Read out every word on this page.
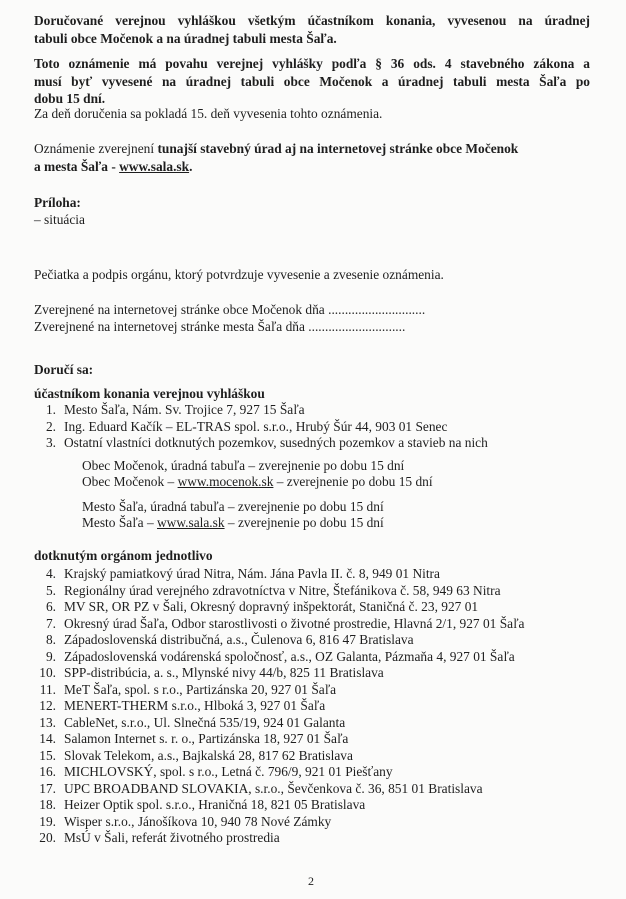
Doručované verejnou vyhláškou všetkým účastníkom konania, vyvesenou na úradnej
tabuli obce Močenok a na úradnej tabuli mesta Šaľa.
Toto oznámenie má povahu verejnej vyhlášky podľa § 36 ods. 4 stavebného zákona a
musí byť vyvesené na úradnej tabuli obce Močenok a úradnej tabuli mesta Šaľa po
dobu 15 dní.
Za deň doručenia sa pokladá 15. deň vyvesenia tohto oznámenia.
Oznámenie zverejnení tunajší stavebný úrad aj na internetovej stránke obce Močenok
a mesta Šaľa - www.sala.sk.
Príloha:
– situácia
Pečiatka a podpis orgánu, ktorý potvrdzuje vyvesenie a zvesenie oznámenia.
Zverejnené na internetovej stránke obce Močenok dňa .............................
Zverejnené na internetovej stránke mesta Šaľa dňa .............................
Doručí sa:
účastníkom konania verejnou vyhláškou
1. Mesto Šaľa, Nám. Sv. Trojice 7, 927 15 Šaľa
2. Ing. Eduard Kačík – EL-TRAS spol. s.r.o., Hrubý Šúr 44, 903 01 Senec
3. Ostatní vlastníci dotknutých pozemkov, susedných pozemkov a stavieb na nich
Obec Močenok, úradná tabuľa – zverejnenie po dobu 15 dní
Obec Močenok – www.mocenok.sk – zverejnenie po dobu 15 dní
Mesto Šaľa, úradná tabuľa – zverejnenie po dobu 15 dní
Mesto Šaľa – www.sala.sk – zverejnenie po dobu 15 dní
dotknutým orgánom jednotlivo
4. Krajský pamiatkový úrad Nitra, Nám. Jána Pavla II. č. 8, 949 01 Nitra
5. Regionálny úrad verejného zdravotníctva v Nitre, Štefánikova č. 58, 949 63 Nitra
6. MV SR, OR PZ v Šali, Okresný dopravný inšpektorát, Staničná č. 23, 927 01
7. Okresný úrad Šaľa, Odbor starostlivosti o životné prostredie, Hlavná 2/1, 927 01 Šaľa
8. Západoslovenská distribučná, a.s., Čulenova 6, 816 47 Bratislava
9. Západoslovenská vodárenská spoločnosť, a.s., OZ Galanta, Pázmaňa 4, 927 01 Šaľa
10. SPP-distribúcia, a. s., Mlynské nivy 44/b, 825 11 Bratislava
11. MeT Šaľa, spol. s r.o., Partizánska 20, 927 01 Šaľa
12. MENERT-THERM s.r.o., Hlboká 3, 927 01 Šaľa
13. CableNet, s.r.o., Ul. Slnečná 535/19, 924 01 Galanta
14. Salamon Internet s. r. o., Partizánska 18, 927 01 Šaľa
15. Slovak Telekom, a.s., Bajkalská 28, 817 62 Bratislava
16. MICHLOVSKÝ, spol. s r.o., Letná č. 796/9, 921 01 Piešťany
17. UPC BROADBAND SLOVAKIA, s.r.o., Ševčenkova č. 36, 851 01 Bratislava
18. Heizer Optik spol. s.r.o., Hraničná 18, 821 05 Bratislava
19. Wisper s.r.o., Jánošíkova 10, 940 78 Nové Zámky
20. MsÚ v Šali, referát životného prostredia
2
